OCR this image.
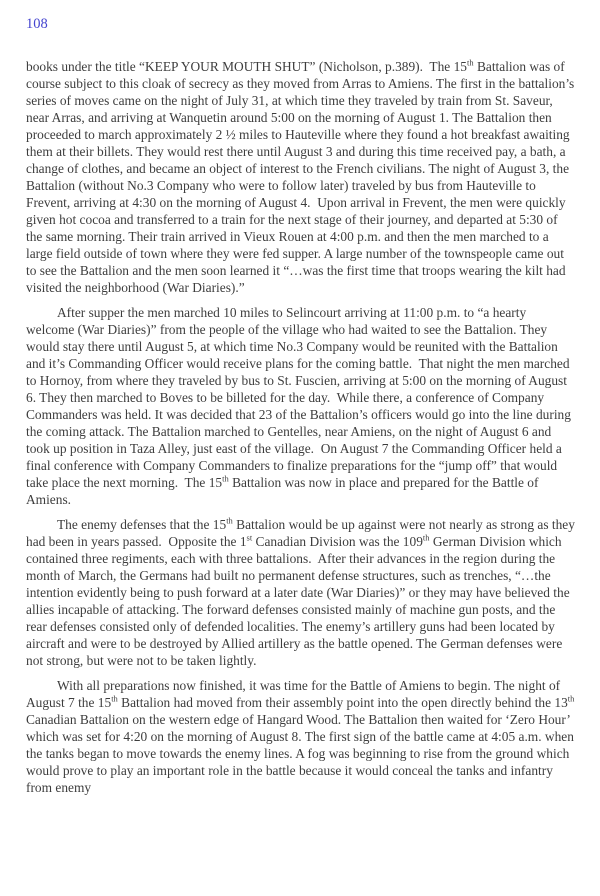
108

books under the title “KEEP YOUR MOUTH SHUT” (Nicholson, p.389).  The 15th Battalion was of course subject to this cloak of secrecy as they moved from Arras to Amiens. The first in the battalion’s series of moves came on the night of July 31, at which time they traveled by train from St. Saveur, near Arras, and arriving at Wanquetin around 5:00 on the morning of August 1. The Battalion then proceeded to march approximately 2 ½ miles to Hauteville where they found a hot breakfast awaiting them at their billets. They would rest there until August 3 and during this time received pay, a bath, a change of clothes, and became an object of interest to the French civilians. The night of August 3, the Battalion (without No.3 Company who were to follow later) traveled by bus from Hauteville to Frevent, arriving at 4:30 on the morning of August 4.  Upon arrival in Frevent, the men were quickly given hot cocoa and transferred to a train for the next stage of their journey, and departed at 5:30 of the same morning. Their train arrived in Vieux Rouen at 4:00 p.m. and then the men marched to a large field outside of town where they were fed supper. A large number of the townspeople came out to see the Battalion and the men soon learned it “…was the first time that troops wearing the kilt had visited the neighborhood (War Diaries).”

After supper the men marched 10 miles to Selincourt arriving at 11:00 p.m. to “a hearty welcome (War Diaries)” from the people of the village who had waited to see the Battalion. They would stay there until August 5, at which time No.3 Company would be reunited with the Battalion and it’s Commanding Officer would receive plans for the coming battle.  That night the men marched to Hornoy, from where they traveled by bus to St. Fuscien, arriving at 5:00 on the morning of August 6. They then marched to Boves to be billeted for the day.  While there, a conference of Company Commanders was held. It was decided that 23 of the Battalion’s officers would go into the line during the coming attack. The Battalion marched to Gentelles, near Amiens, on the night of August 6 and took up position in Taza Alley, just east of the village.  On August 7 the Commanding Officer held a final conference with Company Commanders to finalize preparations for the “jump off” that would take place the next morning.  The 15th Battalion was now in place and prepared for the Battle of Amiens.

The enemy defenses that the 15th Battalion would be up against were not nearly as strong as they had been in years passed.  Opposite the 1st Canadian Division was the 109th German Division which contained three regiments, each with three battalions.  After their advances in the region during the month of March, the Germans had built no permanent defense structures, such as trenches, “…the intention evidently being to push forward at a later date (War Diaries)” or they may have believed the allies incapable of attacking. The forward defenses consisted mainly of machine gun posts, and the rear defenses consisted only of defended localities. The enemy’s artillery guns had been located by aircraft and were to be destroyed by Allied artillery as the battle opened. The German defenses were not strong, but were not to be taken lightly.

With all preparations now finished, it was time for the Battle of Amiens to begin. The night of August 7 the 15th Battalion had moved from their assembly point into the open directly behind the 13th Canadian Battalion on the western edge of Hangard Wood. The Battalion then waited for ‘Zero Hour’ which was set for 4:20 on the morning of August 8. The first sign of the battle came at 4:05 a.m. when the tanks began to move towards the enemy lines. A fog was beginning to rise from the ground which would prove to play an important role in the battle because it would conceal the tanks and infantry from enemy
